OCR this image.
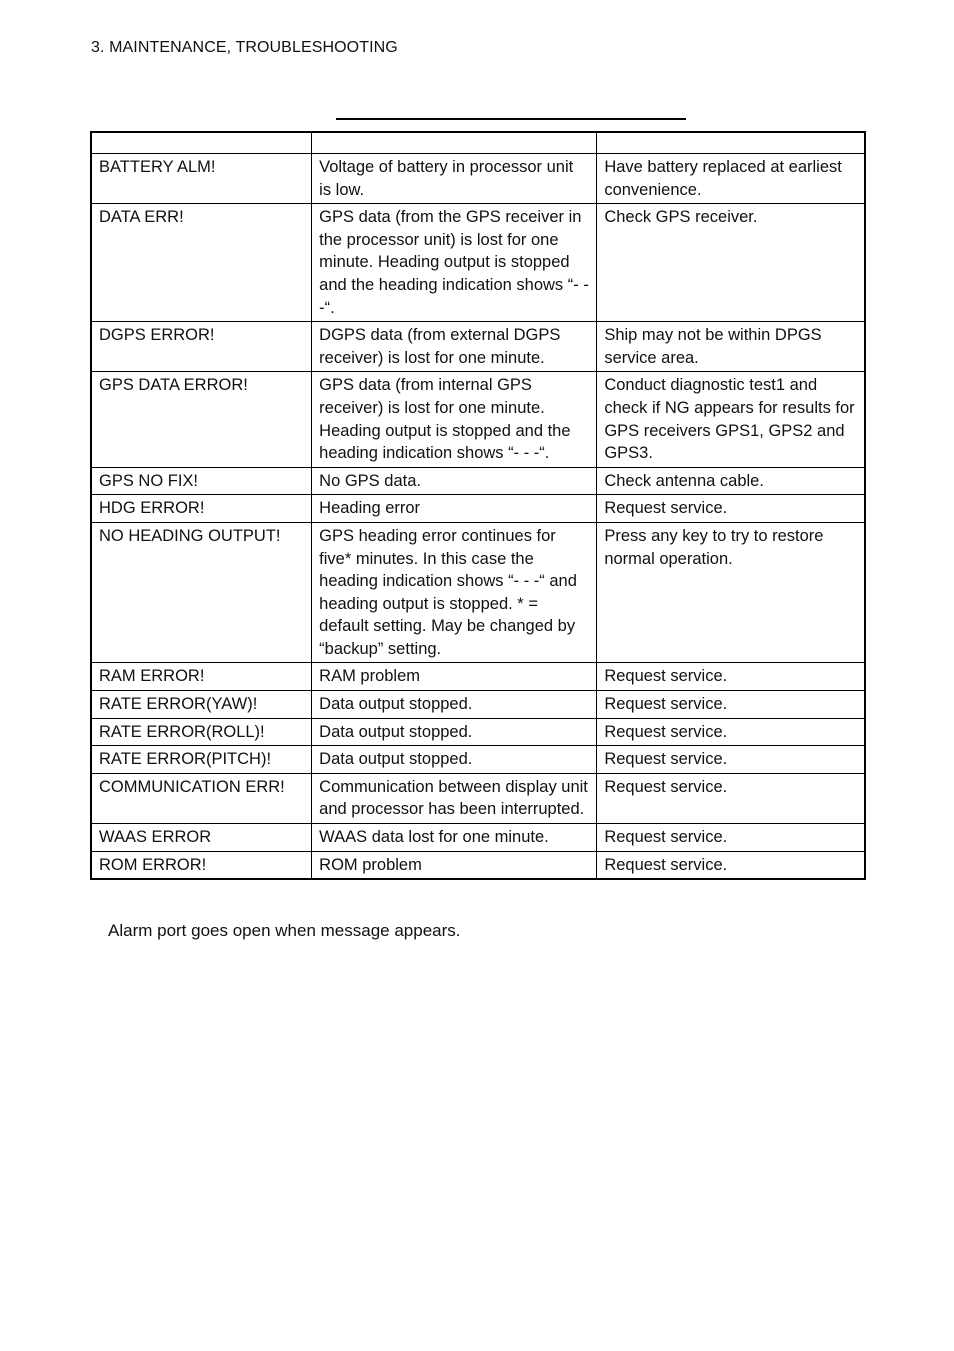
3. MAINTENANCE, TROUBLESHOOTING

BATTERY ALM!	Voltage of battery in processor unit is low.	Have battery replaced at earliest convenience.
DATA ERR!	GPS data (from the GPS receiver in the processor unit) is lost for one minute. Heading output is stopped and the heading indication shows “- - -“.	Check GPS receiver.
DGPS ERROR!	DGPS data (from external DGPS receiver) is lost for one minute.	Ship may not be within DPGS service area.
GPS DATA ERROR!	GPS data (from internal GPS receiver) is lost for one minute. Heading output is stopped and the heading indication shows “- - -“.	Conduct diagnostic test1 and check if NG appears for results for GPS receivers GPS1, GPS2 and GPS3.
GPS NO FIX!	No GPS data.	Check antenna cable.
HDG ERROR!	Heading error	Request service.
NO HEADING OUTPUT!	GPS heading error continues for five* minutes. In this case the heading indication shows “- - -“ and heading output is stopped. * = default setting. May be changed by “backup” setting.	Press any key to try to restore normal operation.
RAM ERROR!	RAM problem	Request service.
RATE ERROR(YAW)!	Data output stopped.	Request service.
RATE ERROR(ROLL)!	Data output stopped.	Request service.
RATE ERROR(PITCH)!	Data output stopped.	Request service.
COMMUNICATION ERR!	Communication between display unit and processor has been interrupted.	Request service.
WAAS ERROR	WAAS data lost for one minute.	Request service.
ROM ERROR!	ROM problem	Request service.
Alarm port goes open when message appears.
